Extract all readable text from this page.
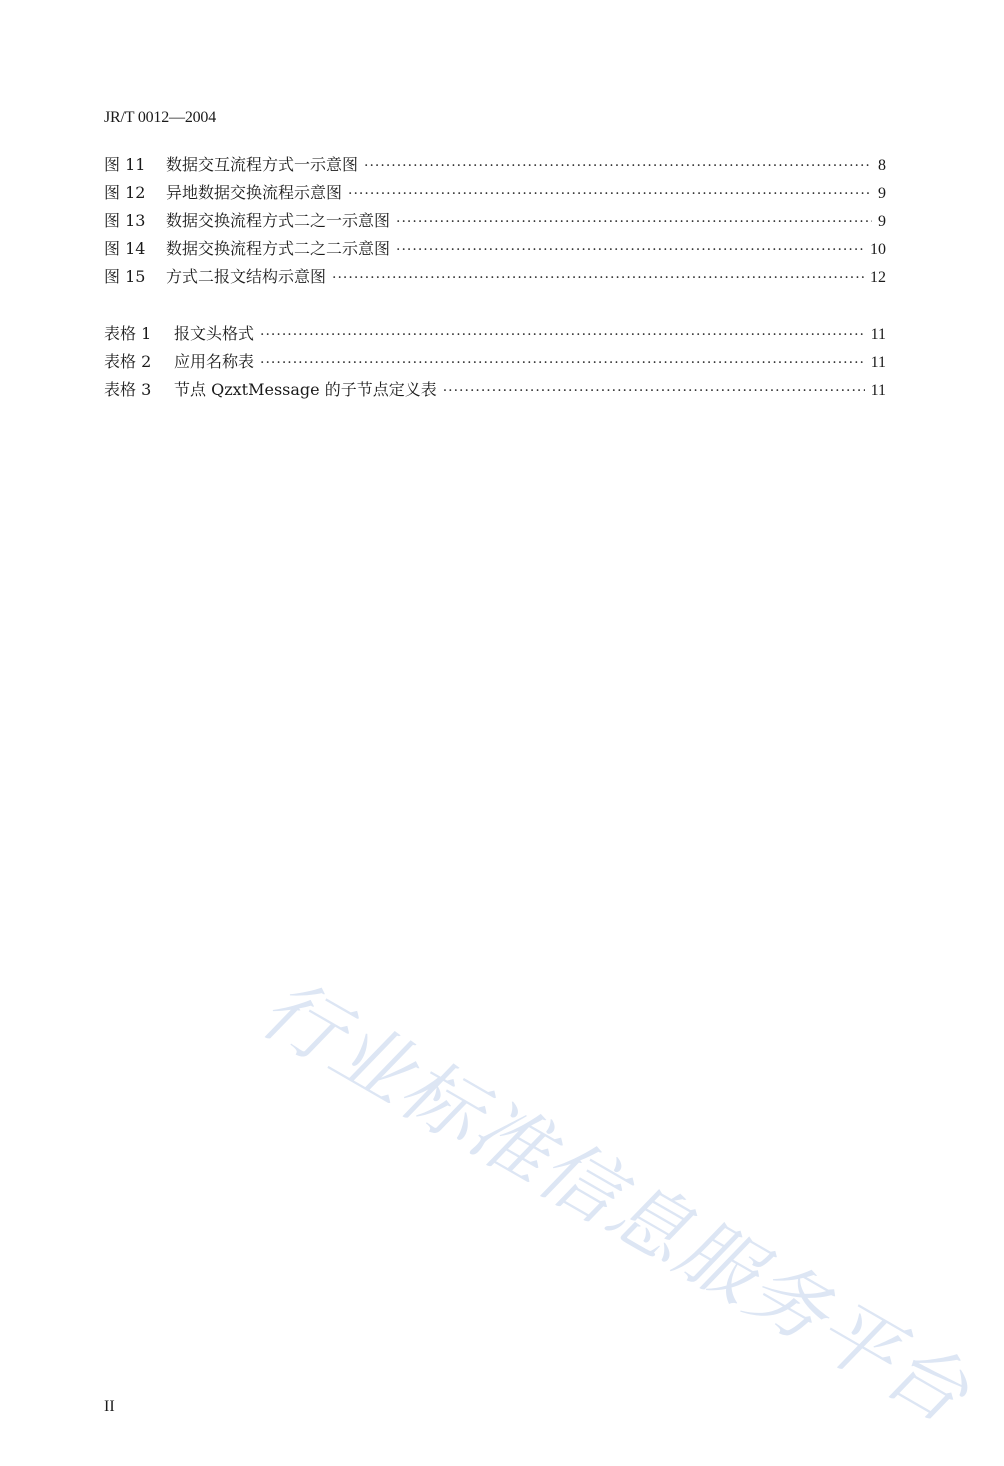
JR/T 0012—2004
图 11	数据交互流程方式一示意图 ·····	8
图 12	异地数据交换流程示意图 ·····	9
图 13	数据交换流程方式二之一示意图 ·····	9
图 14	数据交换流程方式二之二示意图 ·····	10
图 15	方式二报文结构示意图 ·····	12
表格 1	报文头格式 ·····	11
表格 2	应用名称表 ·····	11
表格 3	节点 QzxtMessage 的子节点定义表 ·····	11
行业标准信息服务平台
II
